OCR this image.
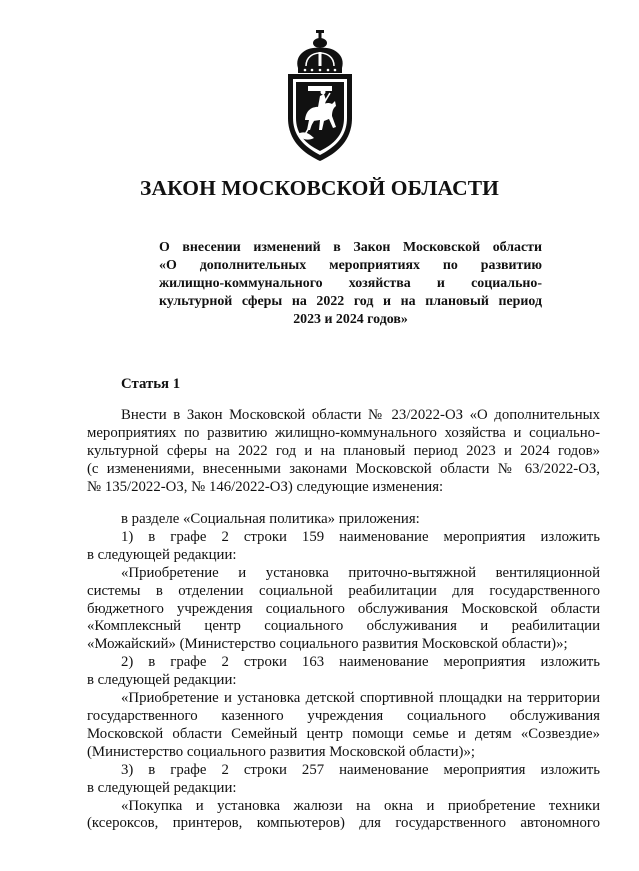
ЗАКОН МОСКОВСКОЙ ОБЛАСТИ
О внесении изменений в Закон Московской области
«О дополнительных мероприятиях по развитию
жилищно-коммунального хозяйства и социально-
культурной сферы на 2022 год и на плановый период
2023 и 2024 годов»
Статья 1
Внести в Закон Московской области № 23/2022-ОЗ «О дополнительных
мероприятиях по развитию жилищно-коммунального хозяйства и социально-
культурной сферы на 2022 год и на плановый период 2023 и 2024 годов»
(с изменениями, внесенными законами Московской области № 63/2022-ОЗ,
№ 135/2022-ОЗ, № 146/2022-ОЗ) следующие изменения:
в разделе «Социальная политика» приложения:
1) в графе 2 строки 159 наименование мероприятия изложить
в следующей редакции:
«Приобретение и установка приточно-вытяжной вентиляционной
системы в отделении социальной реабилитации для государственного
бюджетного учреждения социального обслуживания Московской области
«Комплексный центр социального обслуживания и реабилитации
«Можайский» (Министерство социального развития Московской области)»;
2) в графе 2 строки 163 наименование мероприятия изложить
в следующей редакции:
«Приобретение и установка детской спортивной площадки на территории
государственного казенного учреждения социального обслуживания
Московской области Семейный центр помощи семье и детям «Созвездие»
(Министерство социального развития Московской области)»;
3) в графе 2 строки 257 наименование мероприятия изложить
в следующей редакции:
«Покупка и установка жалюзи на окна и приобретение техники
(ксероксов, принтеров, компьютеров) для государственного автономного
